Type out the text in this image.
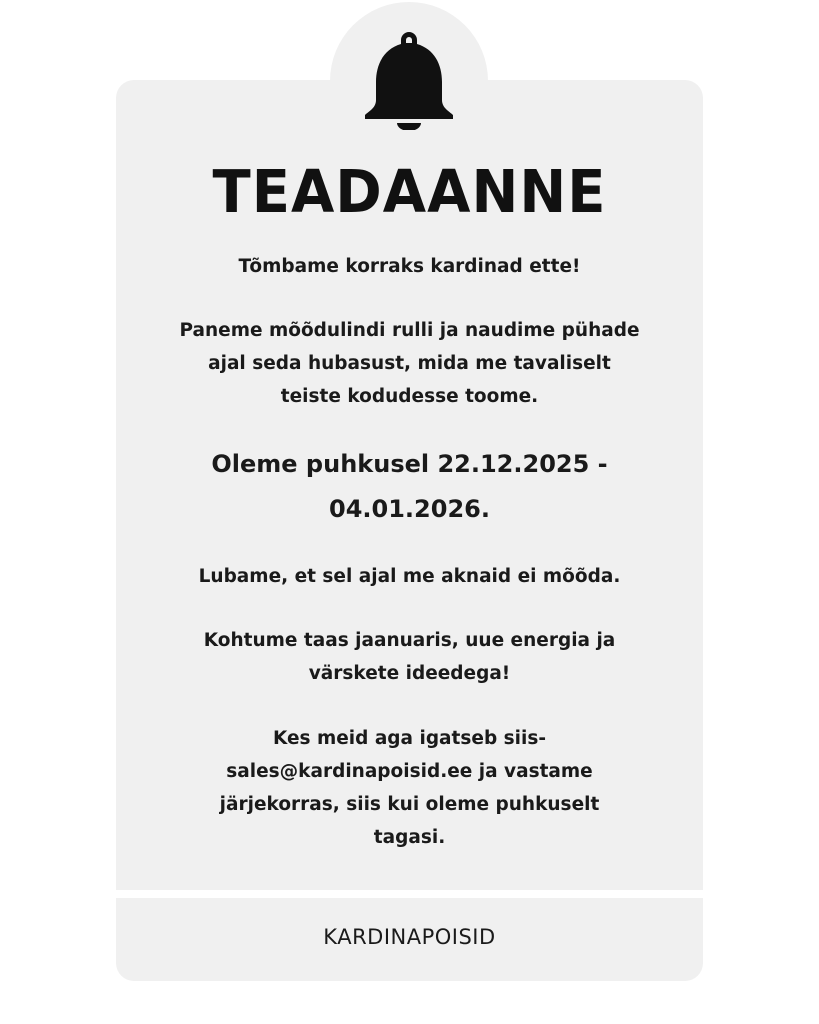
TEADAANNE

Tõmbame korraks kardinad ette!

Paneme mõõdulindi rulli ja naudime pühade ajal seda hubasust, mida me tavaliselt teiste kodudesse toome.

Oleme puhkusel 22.12.2025 - 04.01.2026.

Lubame, et sel ajal me aknaid ei mõõda.

Kohtume taas jaanuaris, uue energia ja värskete ideedega!

Kes meid aga igatseb siis- sales@kardinapoisid.ee ja vastame järjekorras, siis kui oleme puhkuselt tagasi.

KARDINAPOISID
